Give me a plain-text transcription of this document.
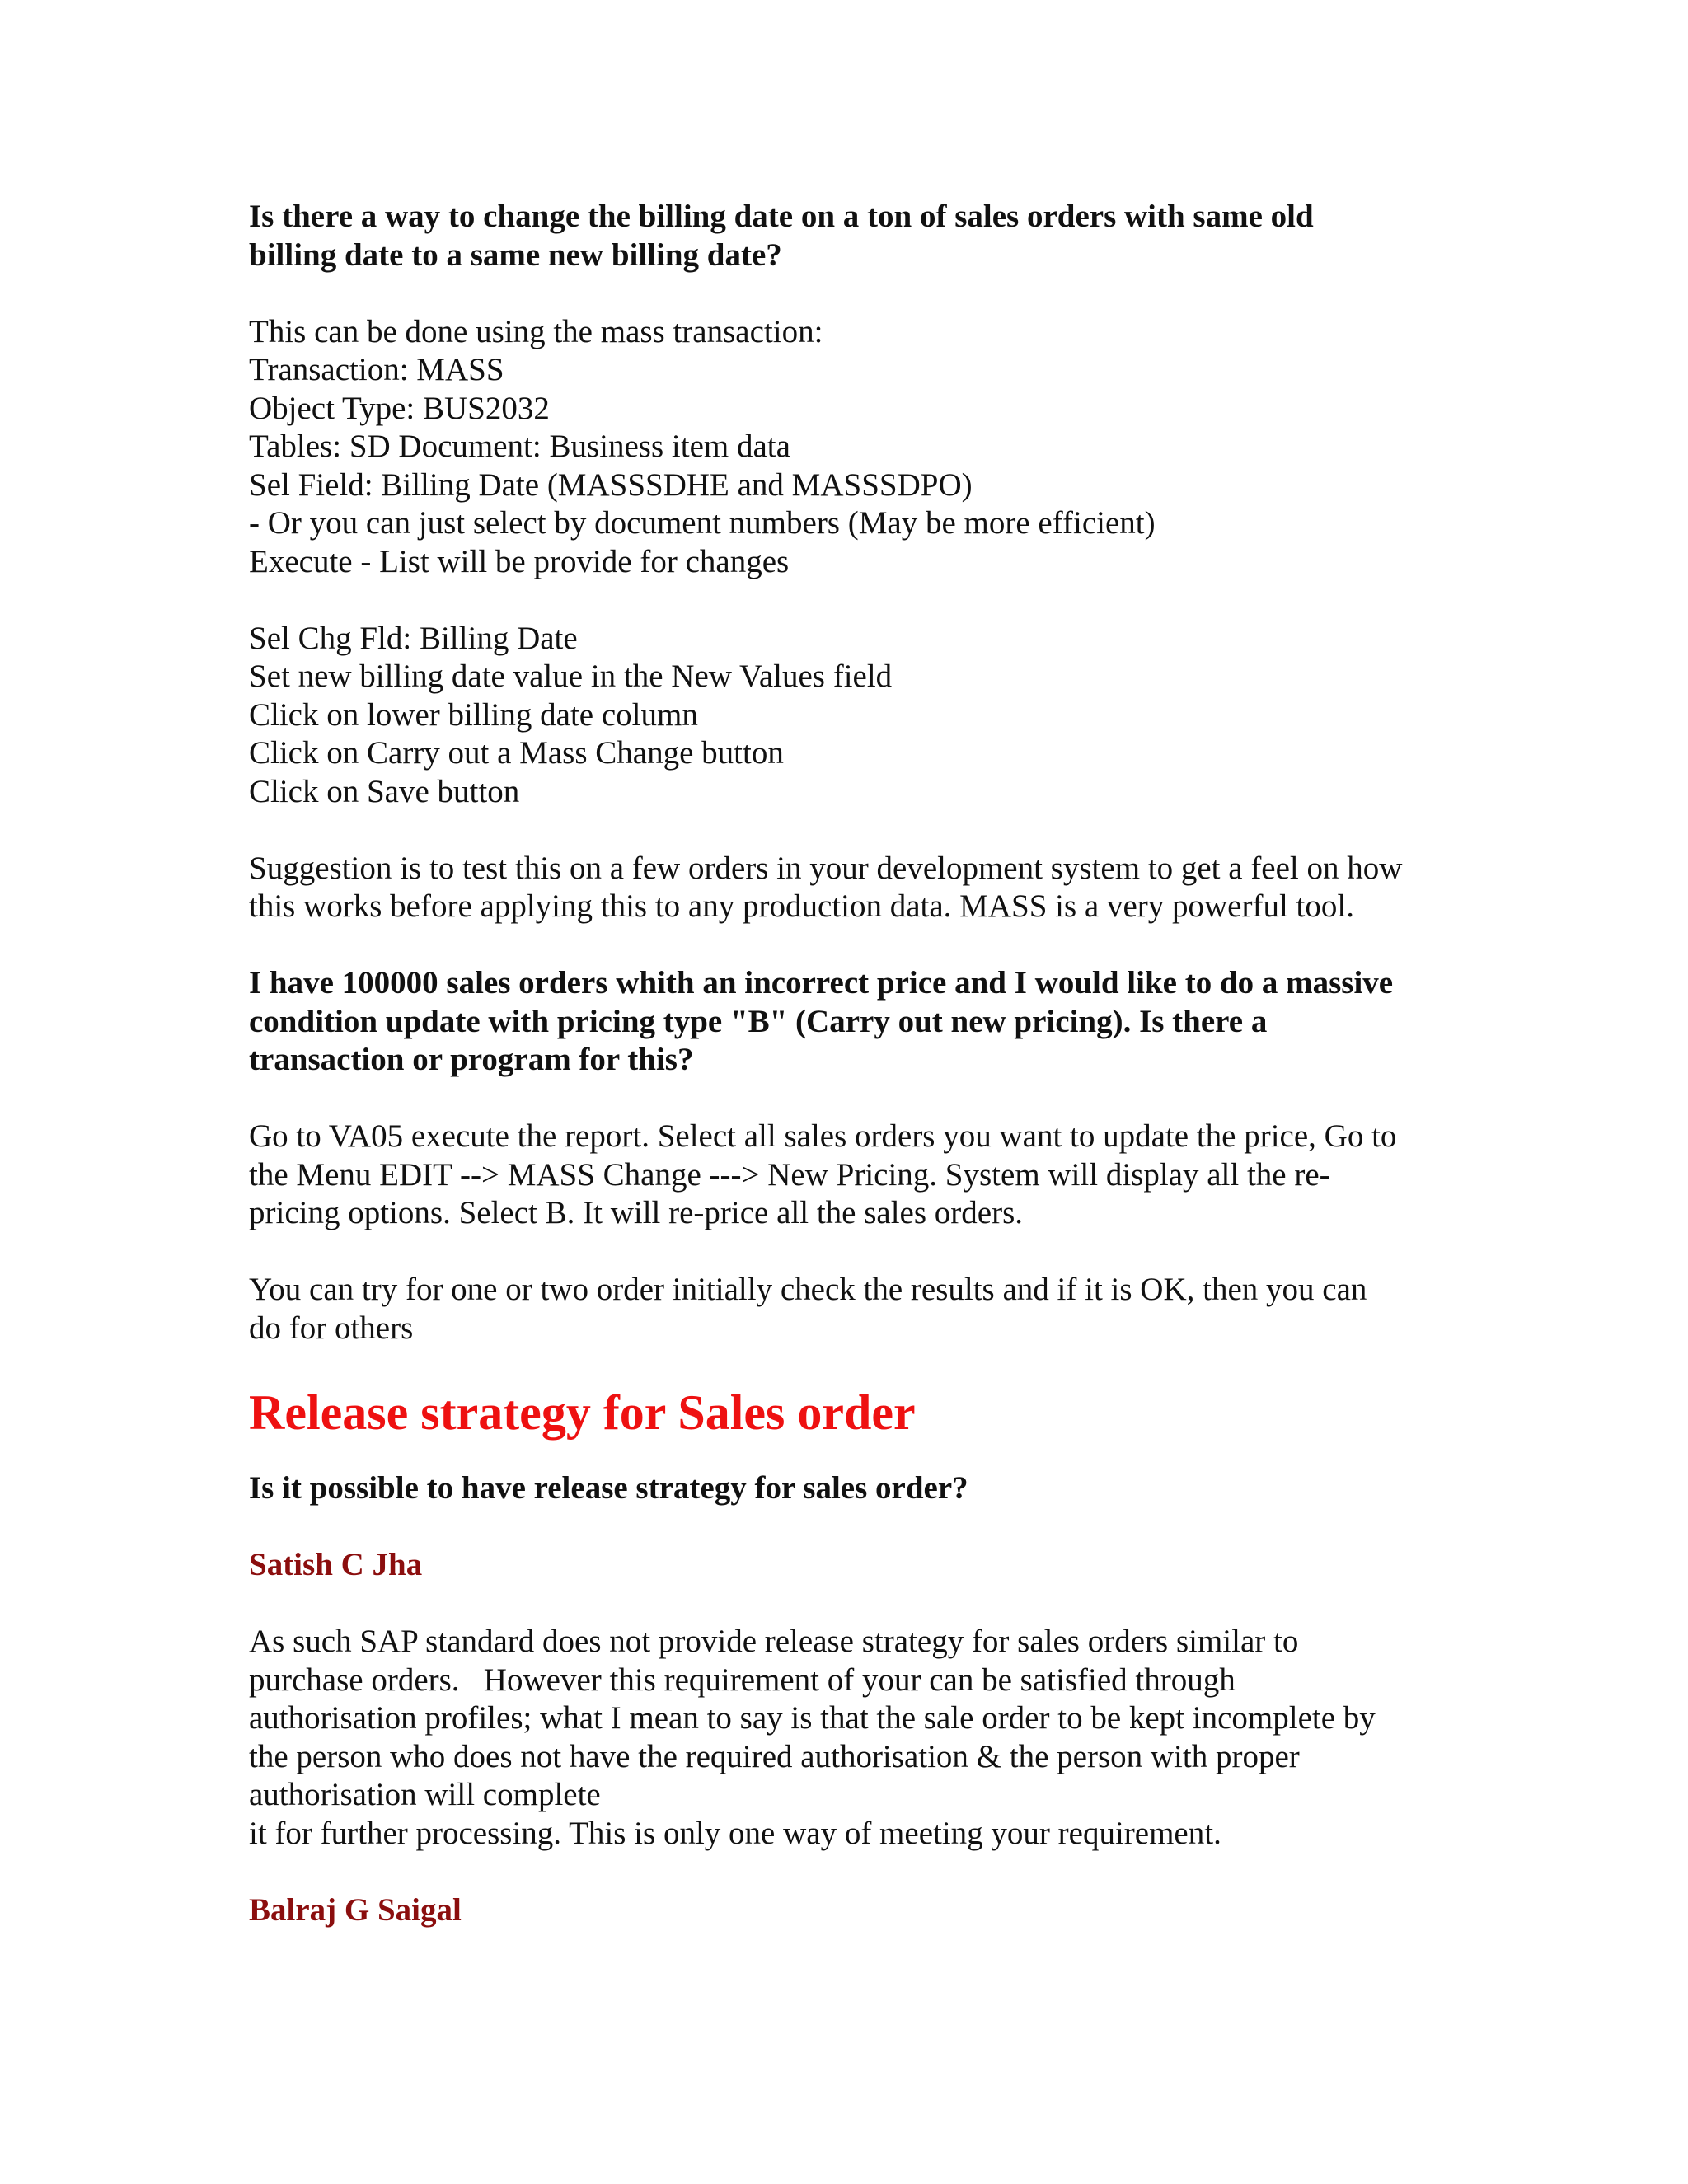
Is there a way to change the billing date on a ton of sales orders with same old
billing date to a same new billing date?
This can be done using the mass transaction:
Transaction: MASS
Object Type: BUS2032
Tables: SD Document: Business item data
Sel Field: Billing Date (MASSSDHE and MASSSDPO)
- Or you can just select by document numbers (May be more efficient)
Execute - List will be provide for changes
Sel Chg Fld: Billing Date
Set new billing date value in the New Values field
Click on lower billing date column
Click on Carry out a Mass Change button
Click on Save button
Suggestion is to test this on a few orders in your development system to get a feel on how
this works before applying this to any production data. MASS is a very powerful tool.
I have 100000 sales orders whith an incorrect price and I would like to do a massive
condition update with pricing type "B" (Carry out new pricing). Is there a
transaction or program for this?
Go to VA05 execute the report. Select all sales orders you want to update the price, Go to
the Menu EDIT --> MASS Change ---> New Pricing. System will display all the re-
pricing options. Select B. It will re-price all the sales orders.
You can try for one or two order initially check the results and if it is OK, then you can
do for others
Release strategy for Sales order
Is it possible to have release strategy for sales order?
Satish C Jha
As such SAP standard does not provide release strategy for sales orders similar to
purchase orders.   However this requirement of your can be satisfied through
authorisation profiles; what I mean to say is that the sale order to be kept incomplete by
the person who does not have the required authorisation & the person with proper
authorisation will complete
it for further processing. This is only one way of meeting your requirement.
Balraj G Saigal
